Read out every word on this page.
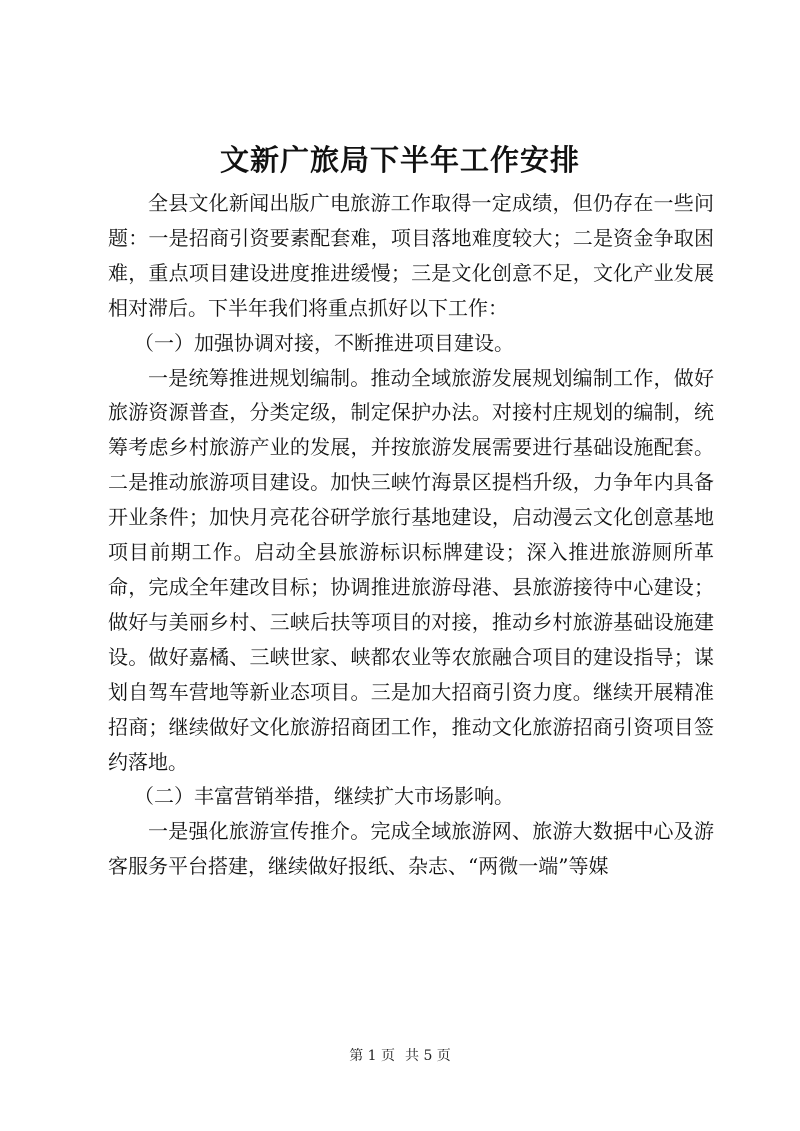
文新广旅局下半年工作安排

全县文化新闻出版广电旅游工作取得一定成绩，但仍存在一些问题：一是招商引资要素配套难，项目落地难度较大；二是资金争取困难，重点项目建设进度推进缓慢；三是文化创意不足，文化产业发展相对滞后。下半年我们将重点抓好以下工作：

（一）加强协调对接，不断推进项目建设。

一是统筹推进规划编制。推动全域旅游发展规划编制工作，做好旅游资源普查，分类定级，制定保护办法。对接村庄规划的编制，统筹考虑乡村旅游产业的发展，并按旅游发展需要进行基础设施配套。二是推动旅游项目建设。加快三峡竹海景区提档升级，力争年内具备开业条件；加快月亮花谷研学旅行基地建设，启动漫云文化创意基地项目前期工作。启动全县旅游标识标牌建设；深入推进旅游厕所革命，完成全年建改目标；协调推进旅游母港、县旅游接待中心建设；做好与美丽乡村、三峡后扶等项目的对接，推动乡村旅游基础设施建设。做好嘉橘、三峡世家、峡都农业等农旅融合项目的建设指导；谋划自驾车营地等新业态项目。三是加大招商引资力度。继续开展精准招商；继续做好文化旅游招商团工作，推动文化旅游招商引资项目签约落地。

（二）丰富营销举措，继续扩大市场影响。

一是强化旅游宣传推介。完成全域旅游网、旅游大数据中心及游客服务平台搭建，继续做好报纸、杂志、“两微一端”等媒

第 1 页 共 5 页
